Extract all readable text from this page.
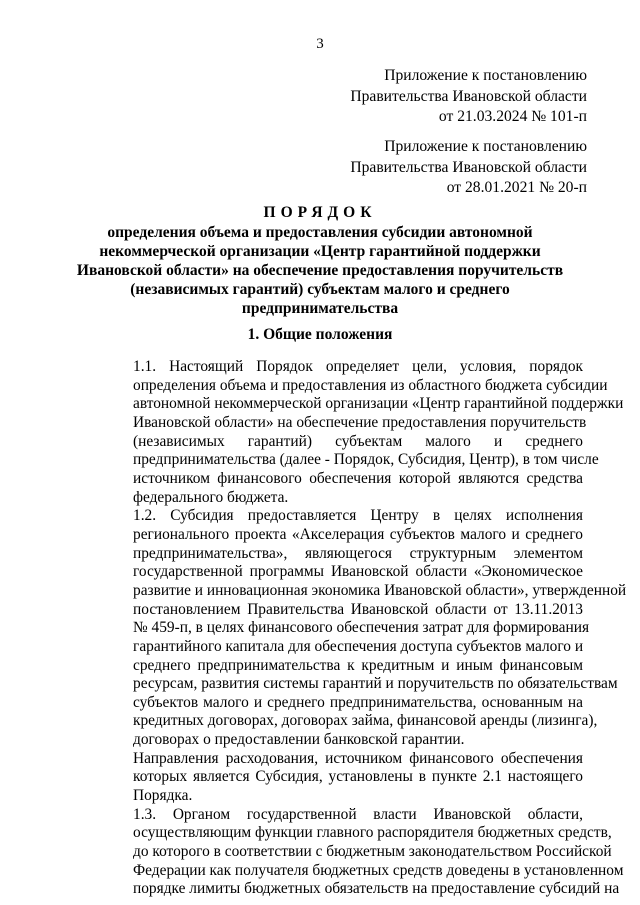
3
Приложение к постановлению
Правительства Ивановской области
от 21.03.2024 № 101-п
Приложение к постановлению
Правительства Ивановской области
от 28.01.2021 № 20-п
ПОРЯДОК
определения объема и предоставления субсидии автономной
некоммерческой организации «Центр гарантийной поддержки
Ивановской области» на обеспечение предоставления поручительств
(независимых гарантий) субъектам малого и среднего
предпринимательства
1. Общие положения
1.1. Настоящий Порядок определяет цели, условия, порядок
определения объема и предоставления из областного бюджета субсидии
автономной некоммерческой организации «Центр гарантийной поддержки
Ивановской области» на обеспечение предоставления поручительств
(независимых гарантий) субъектам малого и среднего
предпринимательства (далее - Порядок, Субсидия, Центр), в том числе
источником финансового обеспечения которой являются средства
федерального бюджета.
1.2. Субсидия предоставляется Центру в целях исполнения
регионального проекта «Акселерация субъектов малого и среднего
предпринимательства», являющегося структурным элементом
государственной программы Ивановской области «Экономическое
развитие и инновационная экономика Ивановской области», утвержденной
постановлением Правительства Ивановской области от 13.11.2013
№ 459-п, в целях финансового обеспечения затрат для формирования
гарантийного капитала для обеспечения доступа субъектов малого и
среднего предпринимательства к кредитным и иным финансовым
ресурсам, развития системы гарантий и поручительств по обязательствам
субъектов малого и среднего предпринимательства, основанным на
кредитных договорах, договорах займа, финансовой аренды (лизинга),
договорах о предоставлении банковской гарантии.
Направления расходования, источником финансового обеспечения
которых является Субсидия, установлены в пункте 2.1 настоящего
Порядка.
1.3. Органом государственной власти Ивановской области,
осуществляющим функции главного распорядителя бюджетных средств,
до которого в соответствии с бюджетным законодательством Российской
Федерации как получателя бюджетных средств доведены в установленном
порядке лимиты бюджетных обязательств на предоставление субсидий на
